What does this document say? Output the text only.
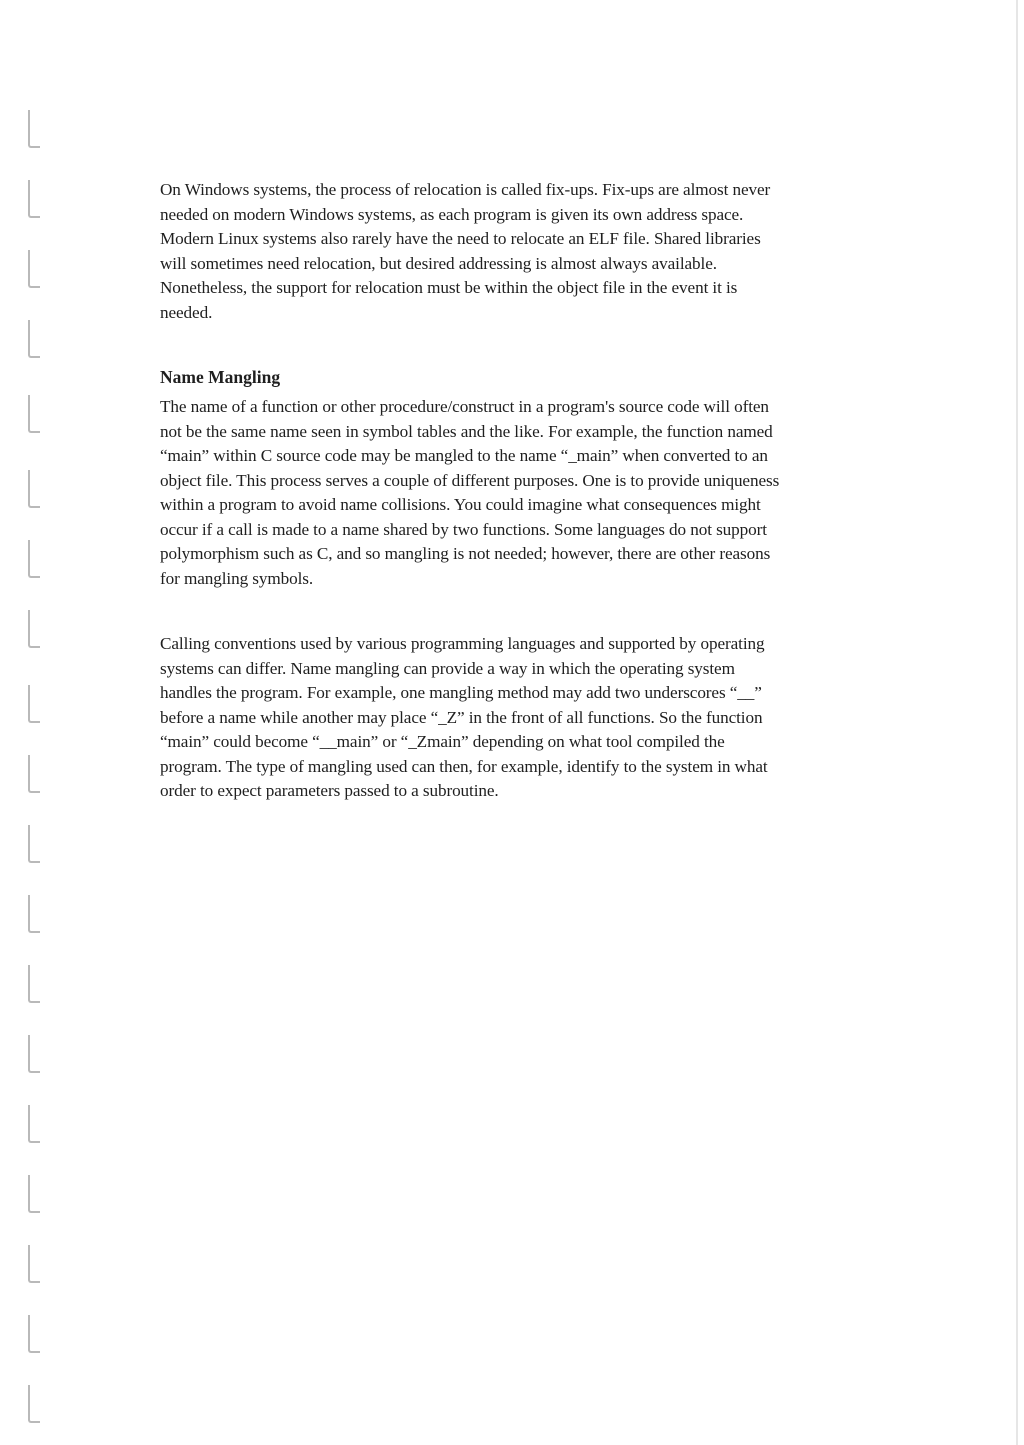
On Windows systems, the process of relocation is called fix-ups. Fix-ups are almost never
needed on modern Windows systems, as each program is given its own address space.
Modern Linux systems also rarely have the need to relocate an ELF file. Shared libraries
will sometimes need relocation, but desired addressing is almost always available.
Nonetheless, the support for relocation must be within the object file in the event it is
needed.

Name Mangling

The name of a function or other procedure/construct in a program's source code will often
not be the same name seen in symbol tables and the like. For example, the function named
“main” within C source code may be mangled to the name “_main” when converted to an
object file. This process serves a couple of different purposes. One is to provide uniqueness
within a program to avoid name collisions. You could imagine what consequences might
occur if a call is made to a name shared by two functions. Some languages do not support
polymorphism such as C, and so mangling is not needed; however, there are other reasons
for mangling symbols.

Calling conventions used by various programming languages and supported by operating
systems can differ. Name mangling can provide a way in which the operating system
handles the program. For example, one mangling method may add two underscores “__”
before a name while another may place “_Z” in the front of all functions. So the function
“main” could become “__main” or “_Zmain” depending on what tool compiled the
program. The type of mangling used can then, for example, identify to the system in what
order to expect parameters passed to a subroutine.
